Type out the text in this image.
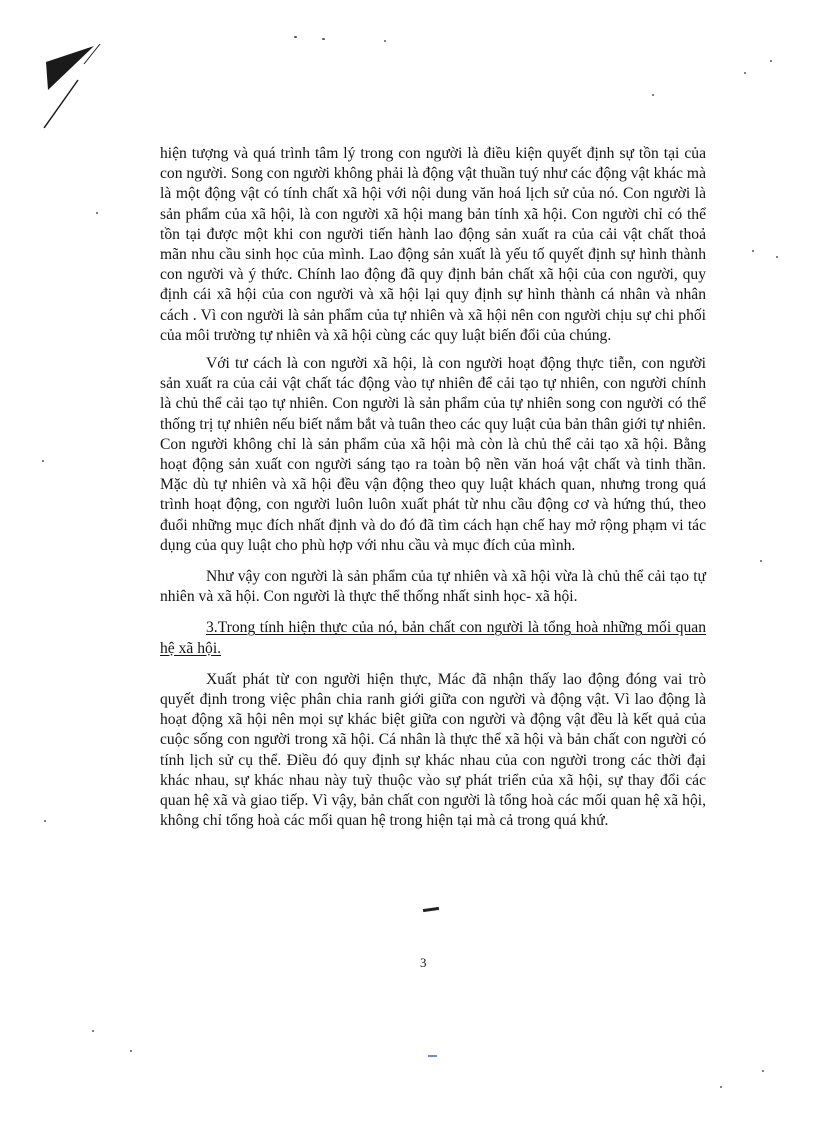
hiện tượng và quá trình tâm lý trong con người là điều kiện quyết định sự tồn tại của con người. Song con người không phải là động vật thuần tuý như các động vật khác mà là một động vật có tính chất xã hội với nội dung văn hoá lịch sử của nó. Con người là sản phẩm của xã hội, là con người xã hội mang bản tính xã hội. Con người chỉ có thể tồn tại được một khi con người tiến hành lao động sản xuất ra của cải vật chất thoả mãn nhu cầu sinh học của mình. Lao động sản xuất là yếu tố quyết định sự hình thành con người và ý thức. Chính lao động đã quy định bản chất xã hội của con người, quy định cái xã hội của con người và xã hội lại quy định sự hình thành cá nhân và nhân cách . Vì con người là sản phẩm của tự nhiên và xã hội nên con người chịu sự chi phối của môi trường tự nhiên và xã hội cùng các quy luật biến đổi của chúng.

Với tư cách là con người xã hội, là con người hoạt động thực tiễn, con người sản xuất ra của cải vật chất tác động vào tự nhiên để cải tạo tự nhiên, con người chính là chủ thể cải tạo tự nhiên. Con người là sản phẩm của tự nhiên song con người có thể thống trị tự nhiên nếu biết nắm bắt và tuân theo các quy luật của bản thân giới tự nhiên. Con người không chỉ là sản phẩm của xã hội mà còn là chủ thể cải tạo xã hội. Bằng hoạt động sản xuất con người sáng tạo ra toàn bộ nền văn hoá vật chất và tinh thần. Mặc dù tự nhiên và xã hội đều vận động theo quy luật khách quan, nhưng trong quá trình hoạt động, con người luôn luôn xuất phát từ nhu cầu động cơ và hứng thú, theo đuổi những mục đích nhất định và do đó đã tìm cách hạn chế hay mở rộng phạm vi tác dụng của quy luật cho phù hợp với nhu cầu và mục đích của mình.

Như vậy con người là sản phẩm của tự nhiên và xã hội vừa là chủ thể cải tạo tự nhiên và xã hội. Con người là thực thể thống nhất sinh học- xã hội.

3.Trong tính hiện thực của nó, bản chất con người là tổng hoà những mối quan hệ xã hội.

Xuất phát từ con người hiện thực, Mác đã nhận thấy lao động đóng vai trò quyết định trong việc phân chia ranh giới giữa con người và động vật. Vì lao động là hoạt động xã hội nên mọi sự khác biệt giữa con người và động vật đều là kết quả của cuộc sống con người trong xã hội. Cá nhân là thực thể xã hội và bản chất con người có tính lịch sử cụ thể. Điều đó quy định sự khác nhau của con người trong các thời đại khác nhau, sự khác nhau này tuỳ thuộc vào sự phát triển của xã hội, sự thay đổi các quan hệ xã và giao tiếp. Vì vậy, bản chất con người là tổng hoà các mối quan hệ xã hội, không chỉ tổng hoà các mối quan hệ trong hiện tại mà cả trong quá khứ.

3
